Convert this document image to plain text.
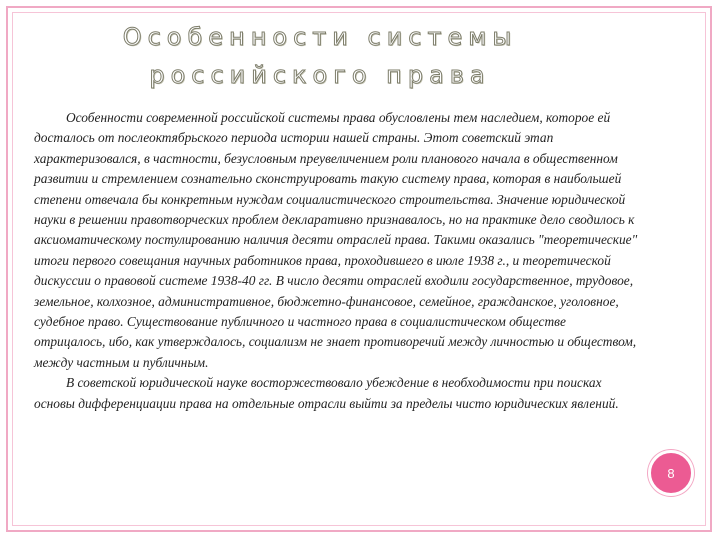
Особенности системы
российского права

Особенности современной российской системы права обусловлены тем наследием, которое ей досталось от послеоктябрьского периода истории нашей страны. Этот советский этап характеризовался, в частности, безусловным преувеличением роли планового начала в общественном развитии и стремлением сознательно сконструировать такую систему права, которая в наибольшей степени отвечала бы конкретным нуждам социалистического строительства. Значение юридической науки в решении правотворческих проблем декларативно признавалось, но на практике дело сводилось к аксиоматическому постулированию наличия десяти отраслей права. Такими оказались "теоретические" итоги первого совещания научных работников права, проходившего в июле 1938 г., и теоретической дискуссии о правовой системе 1938-40 гг. В число десяти отраслей входили государственное, трудовое, земельное, колхозное, административное, бюджетно-финансовое, семейное, гражданское, уголовное, судебное право. Существование публичного и частного права в социалистическом обществе отрицалось, ибо, как утверждалось, социализм не знает противоречий между личностью и обществом, между частным и публичным.

В советской юридической науке восторжествовало убеждение в необходимости при поисках основы дифференциации права на отдельные отрасли выйти за пределы чисто юридических явлений.

8
